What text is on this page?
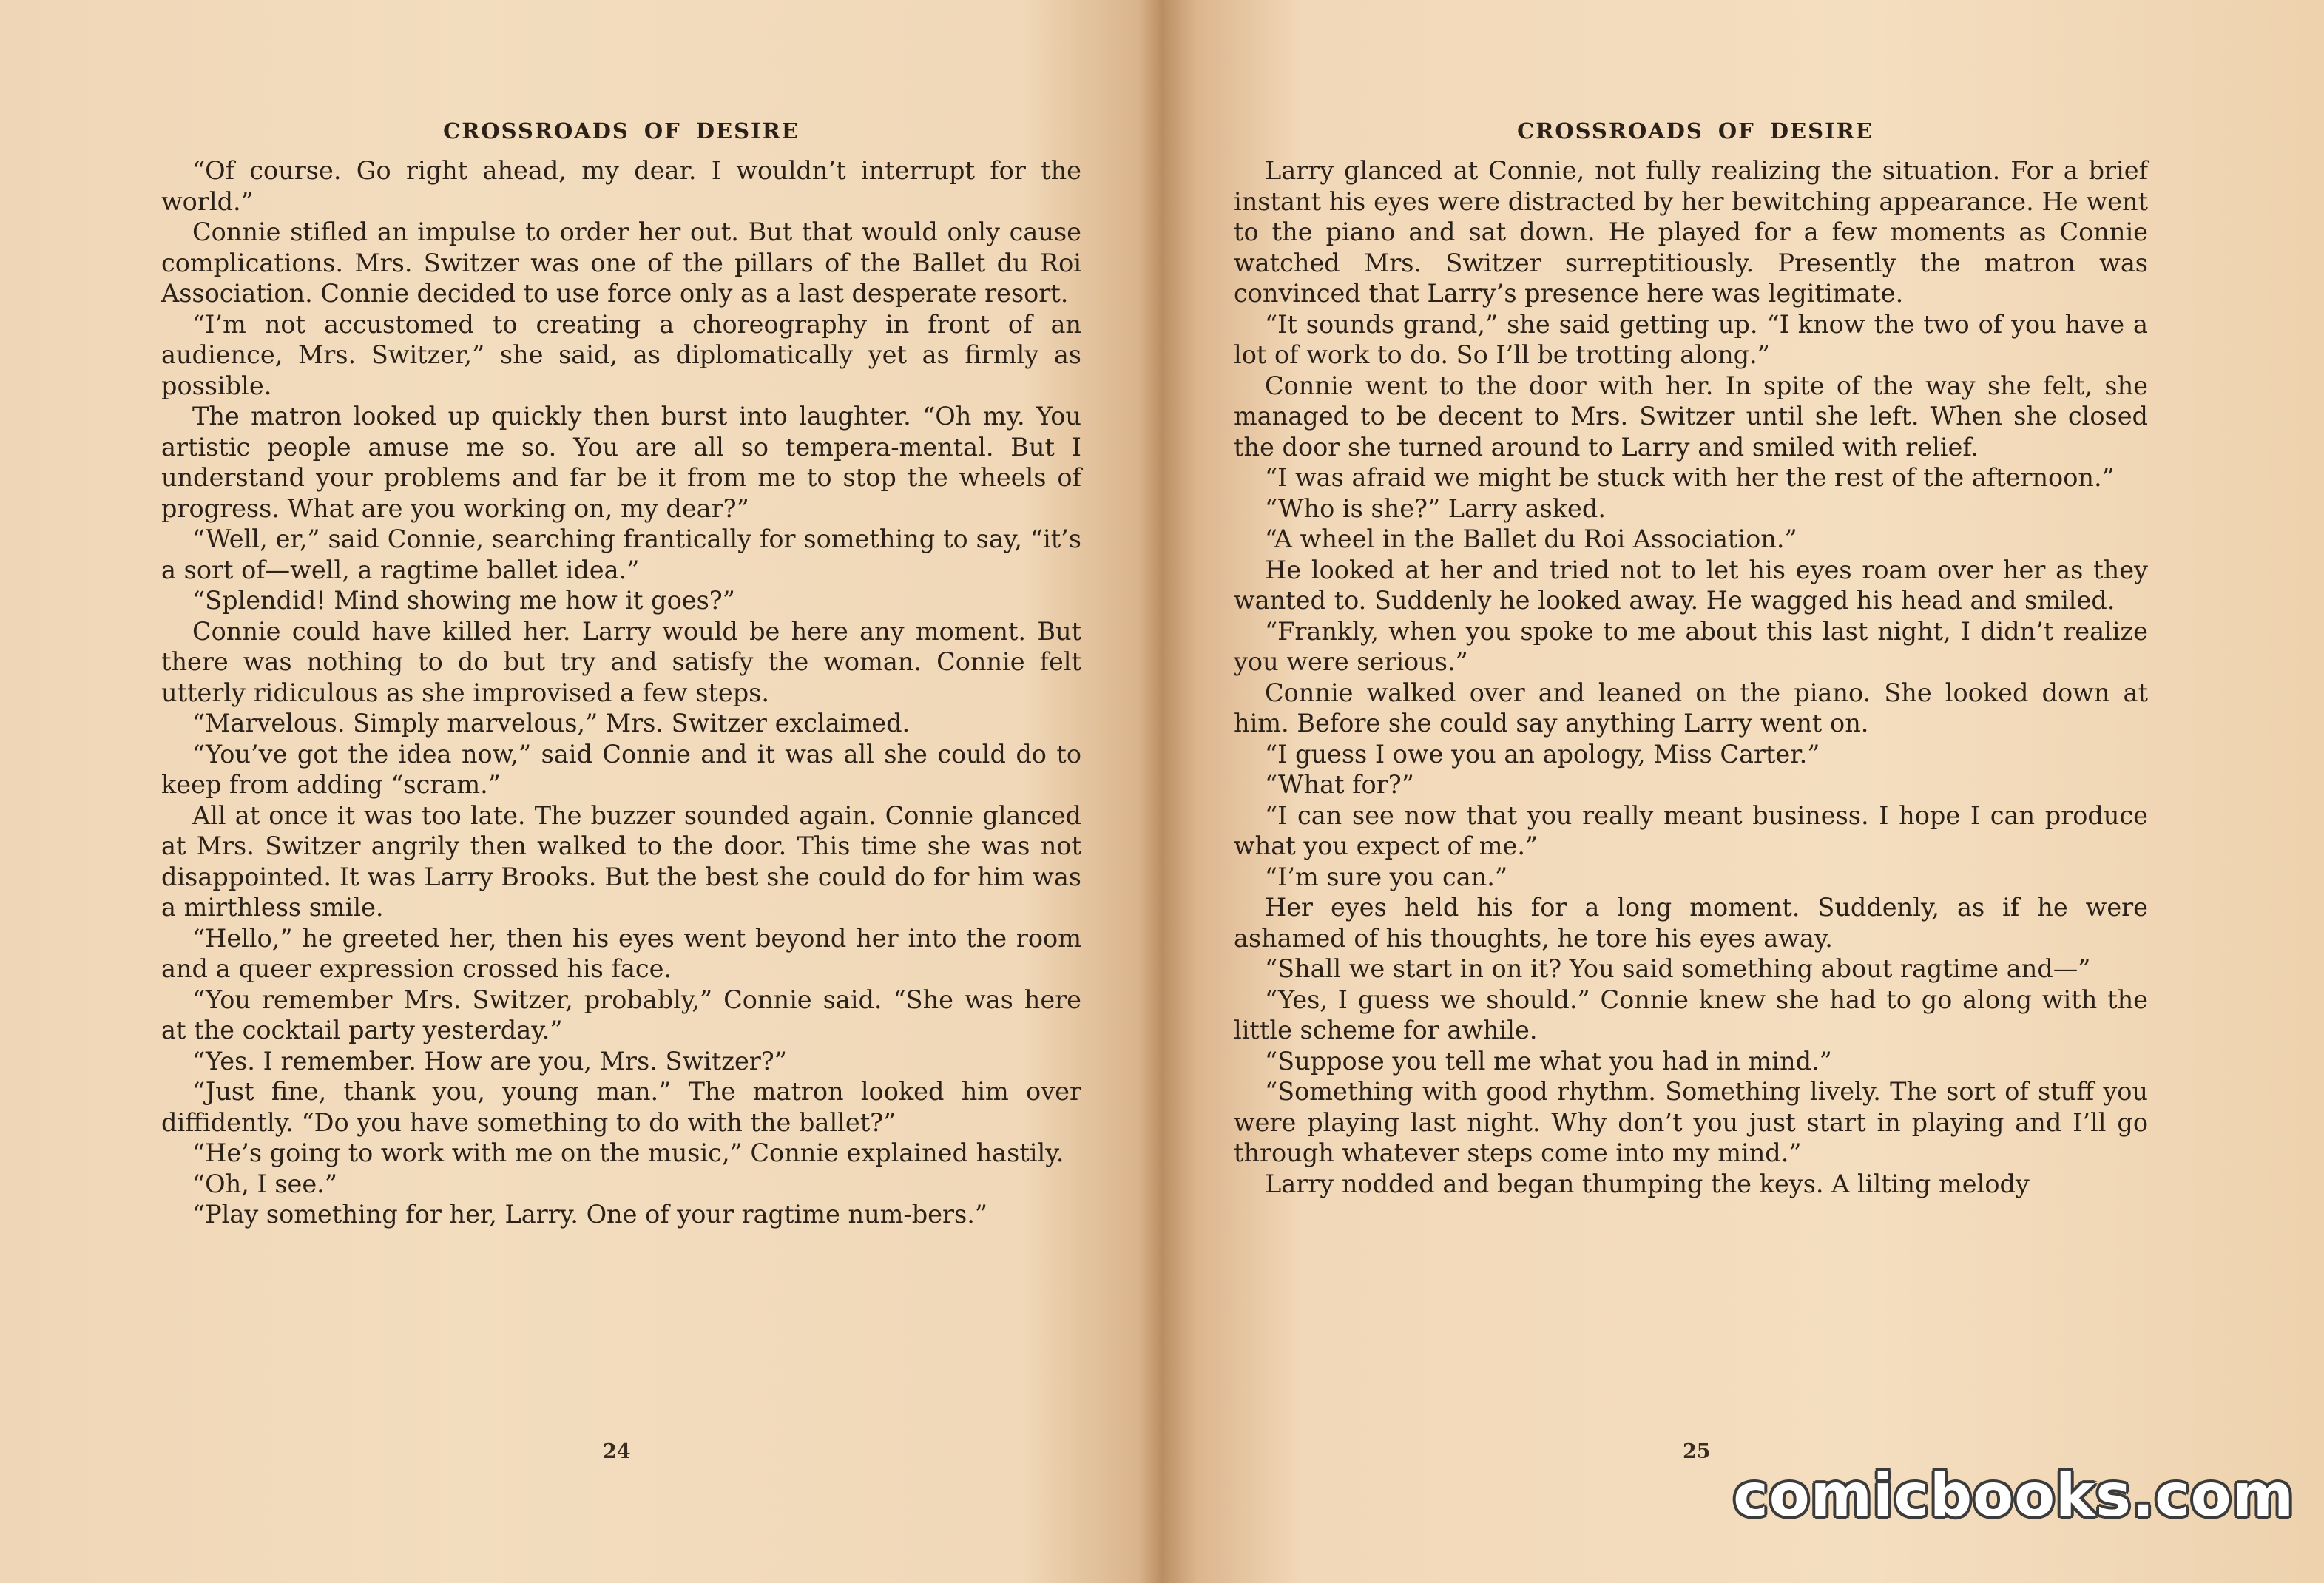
CROSSROADS OF DESIRE

“Of course. Go right ahead, my dear. I wouldn’t interrupt for the world.”

Connie stifled an impulse to order her out. But that would only cause complications. Mrs. Switzer was one of the pillars of the Ballet du Roi Association. Connie decided to use force only as a last desperate resort.

“I’m not accustomed to creating a choreography in front of an audience, Mrs. Switzer,” she said, as diplomatically yet as firmly as possible.

The matron looked up quickly then burst into laughter. “Oh my. You artistic people amuse me so. You are all so tempera-mental. But I understand your problems and far be it from me to stop the wheels of progress. What are you working on, my dear?”

“Well, er,” said Connie, searching frantically for something to say, “it’s a sort of—well, a ragtime ballet idea.”

“Splendid! Mind showing me how it goes?”

Connie could have killed her. Larry would be here any moment. But there was nothing to do but try and satisfy the woman. Connie felt utterly ridiculous as she improvised a few steps.

“Marvelous. Simply marvelous,” Mrs. Switzer exclaimed.

“You’ve got the idea now,” said Connie and it was all she could do to keep from adding “scram.”

All at once it was too late. The buzzer sounded again. Connie glanced at Mrs. Switzer angrily then walked to the door. This time she was not disappointed. It was Larry Brooks. But the best she could do for him was a mirthless smile.

“Hello,” he greeted her, then his eyes went beyond her into the room and a queer expression crossed his face.

“You remember Mrs. Switzer, probably,” Connie said. “She was here at the cocktail party yesterday.”

“Yes. I remember. How are you, Mrs. Switzer?”

“Just fine, thank you, young man.” The matron looked him over diffidently. “Do you have something to do with the ballet?”

“He’s going to work with me on the music,” Connie explained hastily.

“Oh, I see.”

“Play something for her, Larry. One of your ragtime num-bers.”

24

CROSSROADS OF DESIRE

Larry glanced at Connie, not fully realizing the situation. For a brief instant his eyes were distracted by her bewitching appearance. He went to the piano and sat down. He played for a few moments as Connie watched Mrs. Switzer surreptitiously. Presently the matron was convinced that Larry’s presence here was legitimate.

“It sounds grand,” she said getting up. “I know the two of you have a lot of work to do. So I’ll be trotting along.”

Connie went to the door with her. In spite of the way she felt, she managed to be decent to Mrs. Switzer until she left. When she closed the door she turned around to Larry and smiled with relief.

“I was afraid we might be stuck with her the rest of the afternoon.”

“Who is she?” Larry asked.

“A wheel in the Ballet du Roi Association.”

He looked at her and tried not to let his eyes roam over her as they wanted to. Suddenly he looked away. He wagged his head and smiled.

“Frankly, when you spoke to me about this last night, I didn’t realize you were serious.”

Connie walked over and leaned on the piano. She looked down at him. Before she could say anything Larry went on.

“I guess I owe you an apology, Miss Carter.”

“What for?”

“I can see now that you really meant business. I hope I can produce what you expect of me.”

“I’m sure you can.”

Her eyes held his for a long moment. Suddenly, as if he were ashamed of his thoughts, he tore his eyes away.

“Shall we start in on it? You said something about ragtime and—”

“Yes, I guess we should.” Connie knew she had to go along with the little scheme for awhile.

“Suppose you tell me what you had in mind.”

“Something with good rhythm. Something lively. The sort of stuff you were playing last night. Why don’t you just start in playing and I’ll go through whatever steps come into my mind.”

Larry nodded and began thumping the keys. A lilting melody

25

comicbooks.com
